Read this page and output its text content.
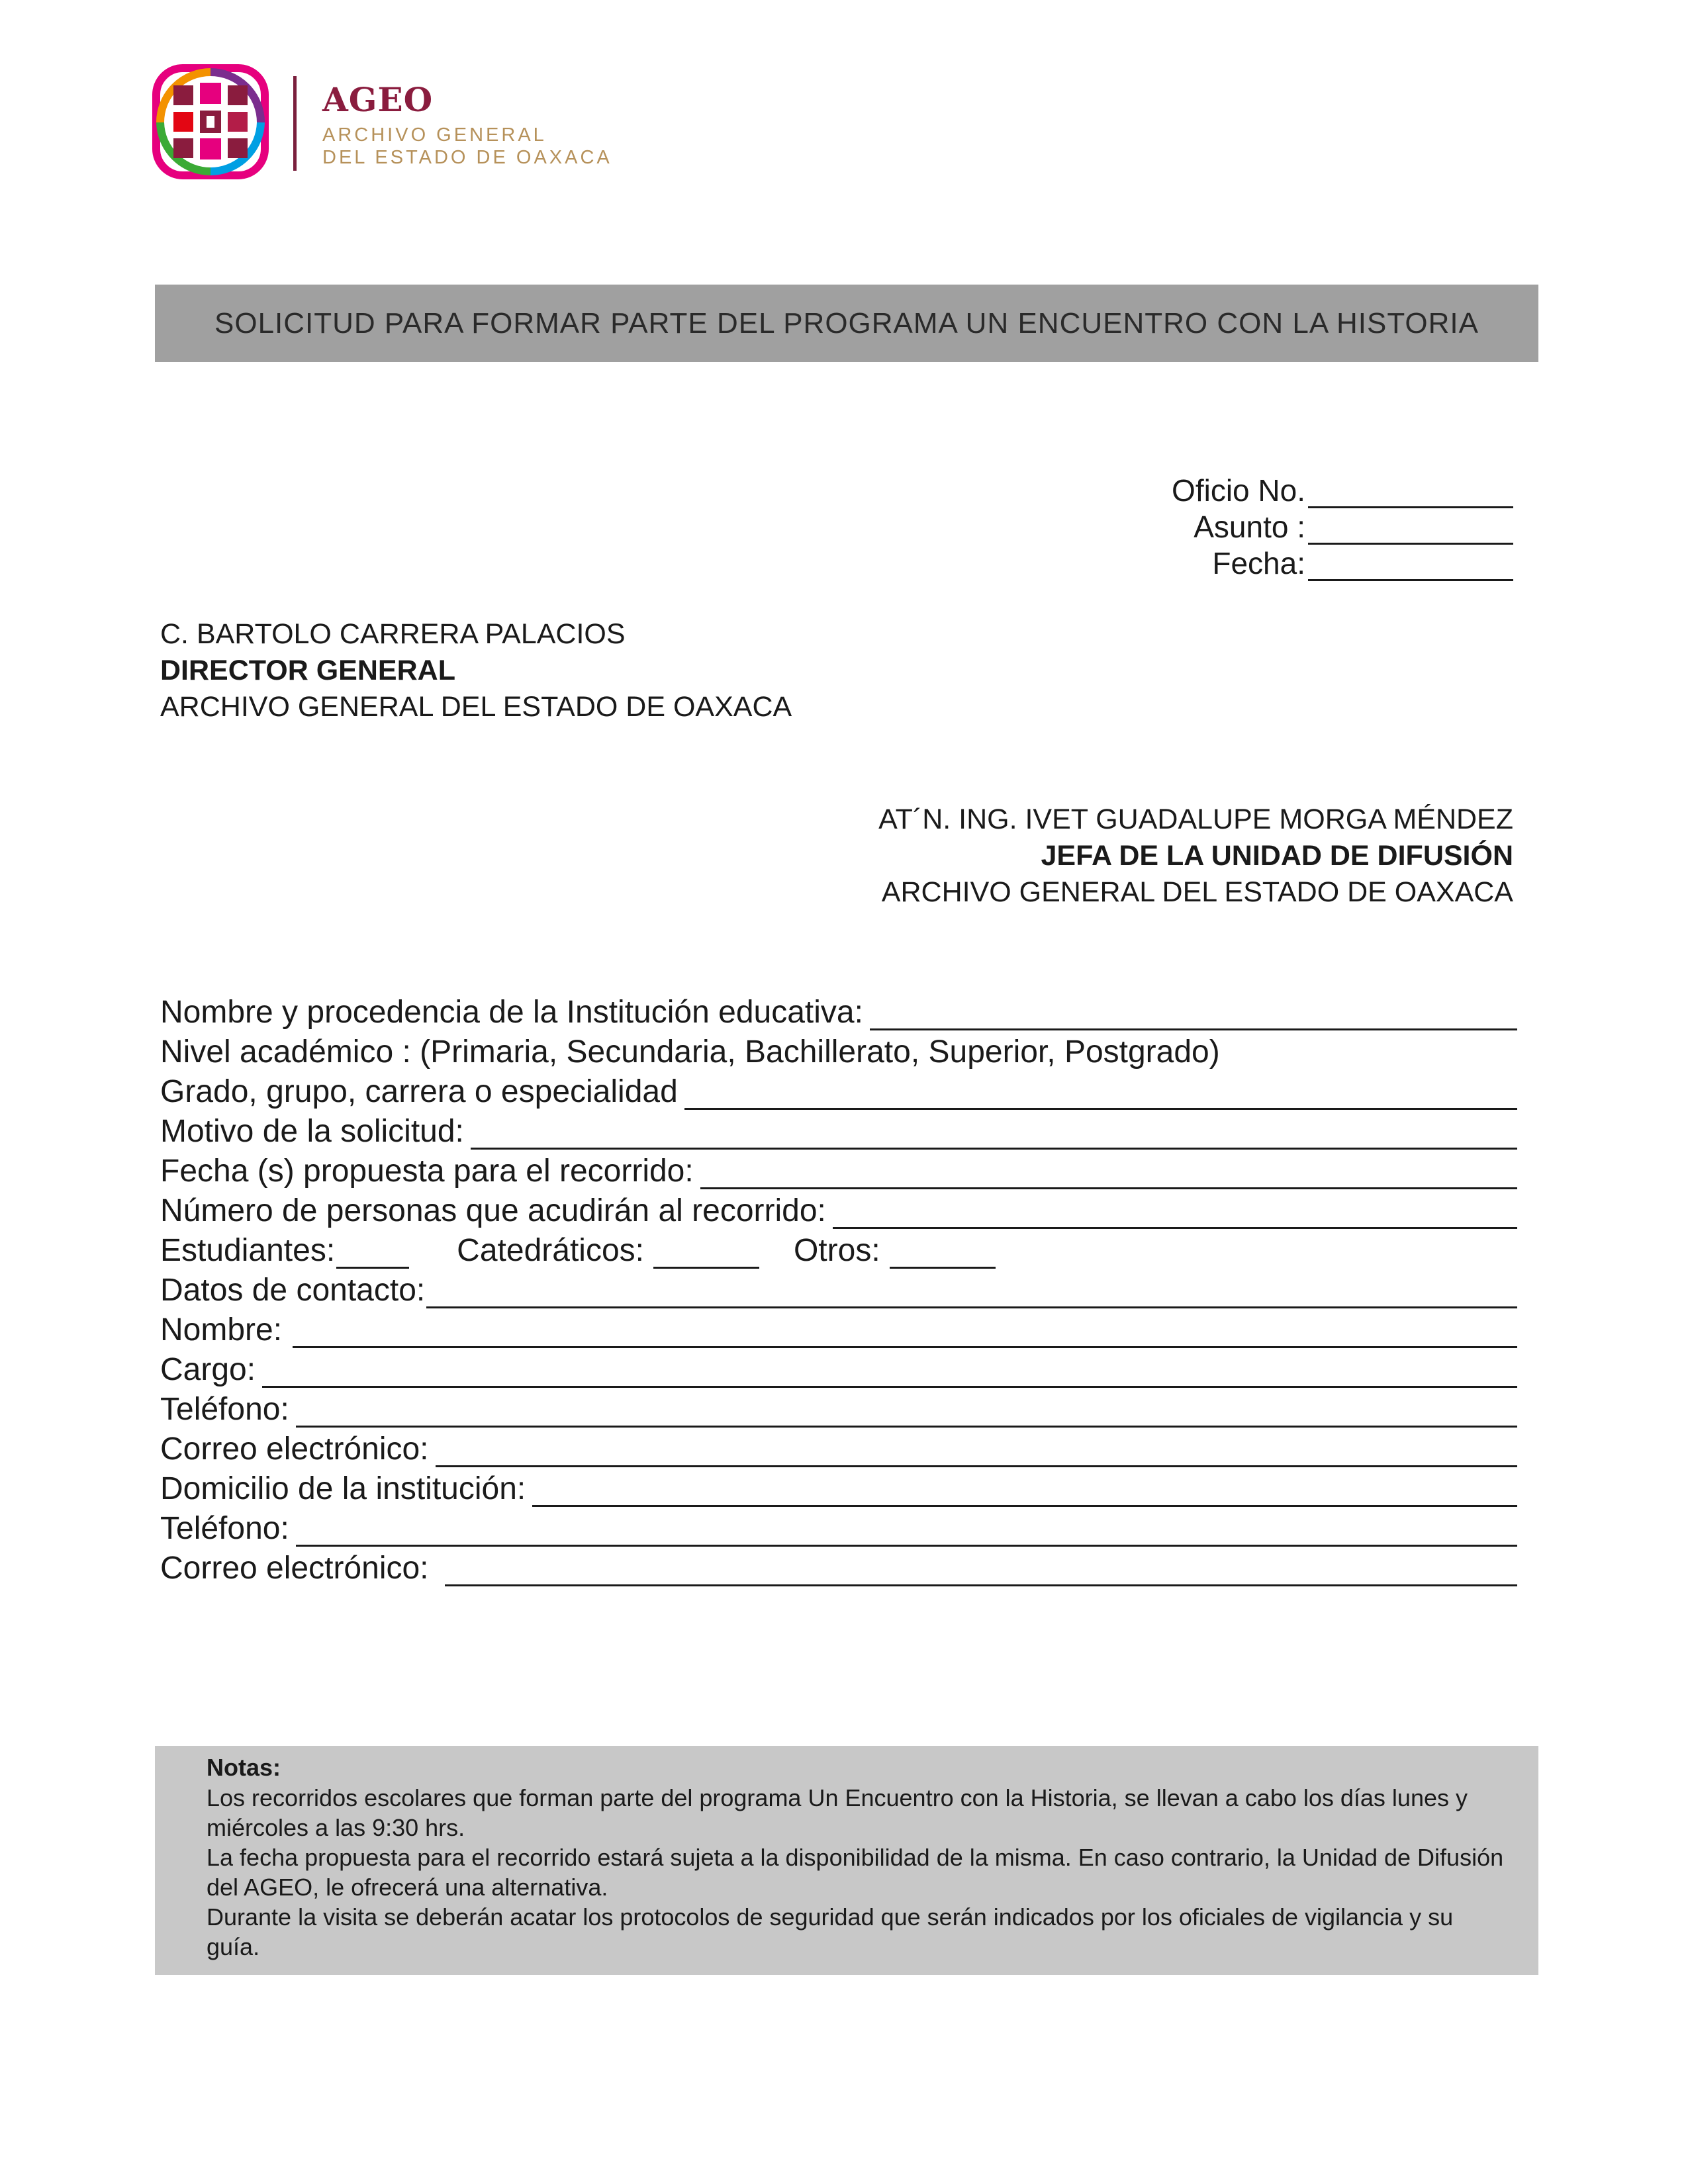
AGEO
ARCHIVO GENERAL
DEL ESTADO DE OAXACA
SOLICITUD PARA FORMAR PARTE DEL PROGRAMA UN ENCUENTRO CON LA HISTORIA
Oficio No.
Asunto :
Fecha:
C. BARTOLO CARRERA PALACIOS
DIRECTOR GENERAL
ARCHIVO GENERAL DEL ESTADO DE OAXACA
AT´N. ING. IVET GUADALUPE MORGA MÉNDEZ
JEFA DE LA UNIDAD DE DIFUSIÓN
ARCHIVO GENERAL DEL ESTADO DE OAXACA
Nombre y procedencia de la Institución educativa:
Nivel académico : (Primaria, Secundaria, Bachillerato, Superior, Postgrado)
Grado, grupo, carrera o especialidad
Motivo de la solicitud:
Fecha (s) propuesta para el recorrido:
Número de personas que acudirán al recorrido:
Estudiantes:	Catedráticos:	Otros:
Datos de contacto:
Nombre:
Cargo:
Teléfono:
Correo electrónico:
Domicilio de la institución:
Teléfono:
Correo electrónico:
Notas:
Los recorridos escolares que forman parte del programa Un Encuentro con la Historia, se llevan a cabo los días lunes y miércoles a las 9:30 hrs.
La fecha propuesta para el recorrido estará sujeta a la disponibilidad de la misma. En caso contrario, la Unidad de Difusión del AGEO, le ofrecerá una alternativa.
Durante la visita se deberán acatar los protocolos de seguridad que serán indicados por los oficiales de vigilancia y su guía.
